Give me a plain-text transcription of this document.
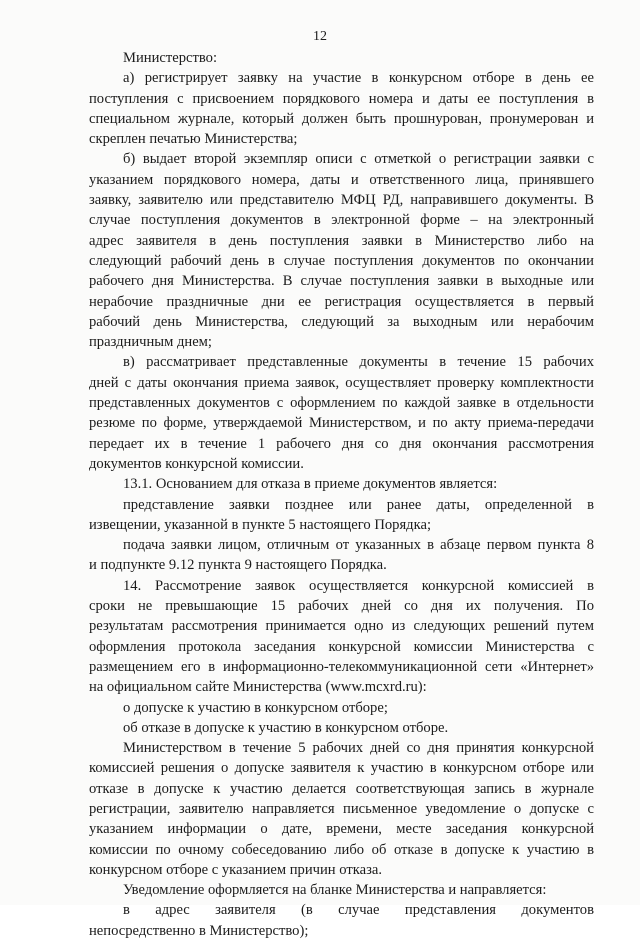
12
Министерство:
а) регистрирует заявку на участие в конкурсном отборе в день ее
поступления с присвоением порядкового номера и даты ее поступления в
специальном журнале, который должен быть прошнурован, пронумерован и
скреплен печатью Министерства;
б) выдает второй экземпляр описи с отметкой о регистрации заявки с
указанием порядкового номера, даты и ответственного лица, принявшего
заявку, заявителю или представителю МФЦ РД, направившего документы. В
случае поступления документов в электронной форме – на электронный
адрес заявителя в день поступления заявки в Министерство либо на
следующий рабочий день в случае поступления документов по окончании
рабочего дня Министерства. В случае поступления заявки в выходные или
нерабочие праздничные дни ее регистрация осуществляется в первый
рабочий день Министерства, следующий за выходным или нерабочим
праздничным днем;
в) рассматривает представленные документы в течение 15 рабочих
дней с даты окончания приема заявок, осуществляет проверку комплектности
представленных документов с оформлением по каждой заявке в отдельности
резюме по форме, утверждаемой Министерством, и по акту приема-передачи
передает их в течение 1 рабочего дня со дня окончания рассмотрения
документов конкурсной комиссии.
13.1. Основанием для отказа в приеме документов является:
представление заявки позднее или ранее даты, определенной в
извещении, указанной в пункте 5 настоящего Порядка;
подача заявки лицом, отличным от указанных в абзаце первом пункта 8
и подпункте 9.12 пункта 9 настоящего Порядка.
14. Рассмотрение заявок осуществляется конкурсной комиссией в
сроки не превышающие 15 рабочих дней со дня их получения. По
результатам рассмотрения принимается одно из следующих решений путем
оформления протокола заседания конкурсной комиссии Министерства с
размещением его в информационно-телекоммуникационной сети «Интернет»
на официальном сайте Министерства (www.mcxrd.ru):
о допуске к участию в конкурсном отборе;
об отказе в допуске к участию в конкурсном отборе.
Министерством в течение 5 рабочих дней со дня принятия конкурсной
комиссией решения о допуске заявителя к участию в конкурсном отборе или
отказе в допуске к участию делается соответствующая запись в журнале
регистрации, заявителю направляется письменное уведомление о допуске с
указанием информации о дате, времени, месте заседания конкурсной
комиссии по очному собеседованию либо об отказе в допуске к участию в
конкурсном отборе с указанием причин отказа.
Уведомление оформляется на бланке Министерства и направляется:
в адрес заявителя (в случае представления документов
непосредственно в Министерство);
